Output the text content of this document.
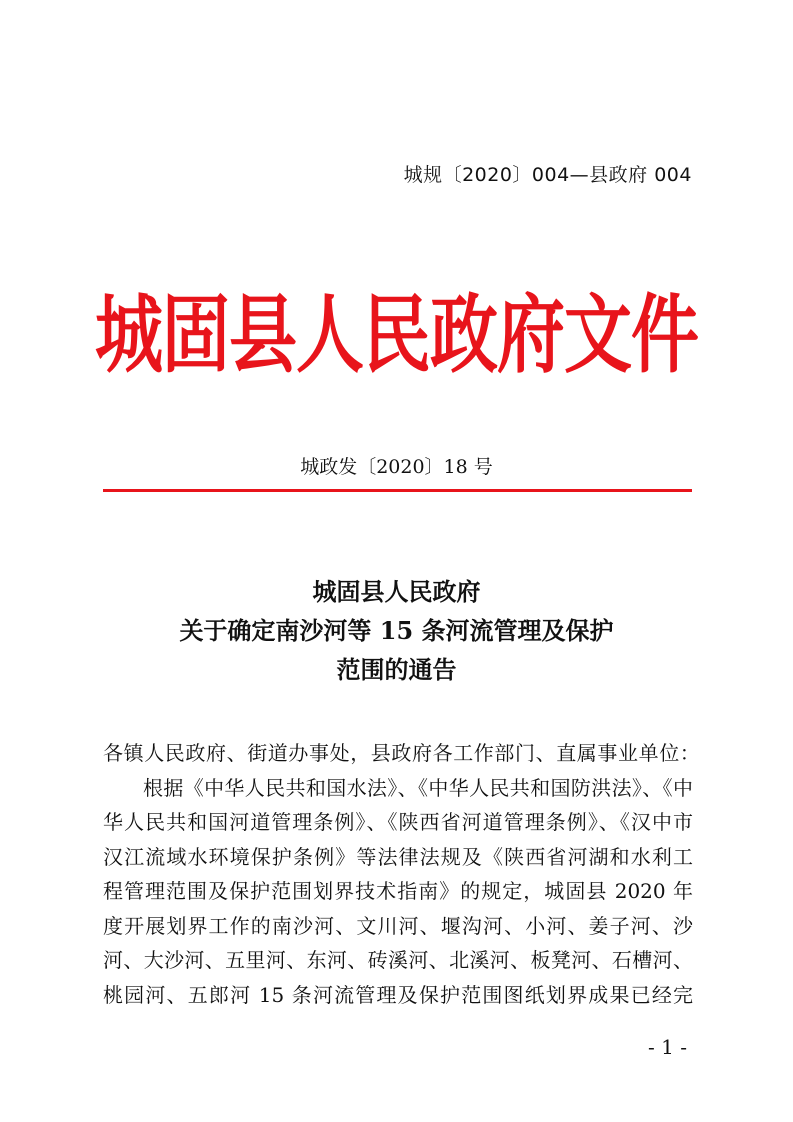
城规〔2020〕004—县政府 004
城固县人民政府文件
城政发〔2020〕18 号
城固县人民政府
关于确定南沙河等 15 条河流管理及保护
范围的通告
各镇人民政府、街道办事处，县政府各工作部门、直属事业单位：

根据《中华人民共和国水法》、《中华人民共和国防洪法》、《中
华人民共和国河道管理条例》、《陕西省河道管理条例》、《汉中市
汉江流域水环境保护条例》等法律法规及《陕西省河湖和水利工
程管理范围及保护范围划界技术指南》的规定，城固县 2020 年
度开展划界工作的南沙河、文川河、堰沟河、小河、姜子河、沙
河、大沙河、五里河、东河、砖溪河、北溪河、板凳河、石槽河、
桃园河、五郎河 15 条河流管理及保护范围图纸划界成果已经完

- 1 -
